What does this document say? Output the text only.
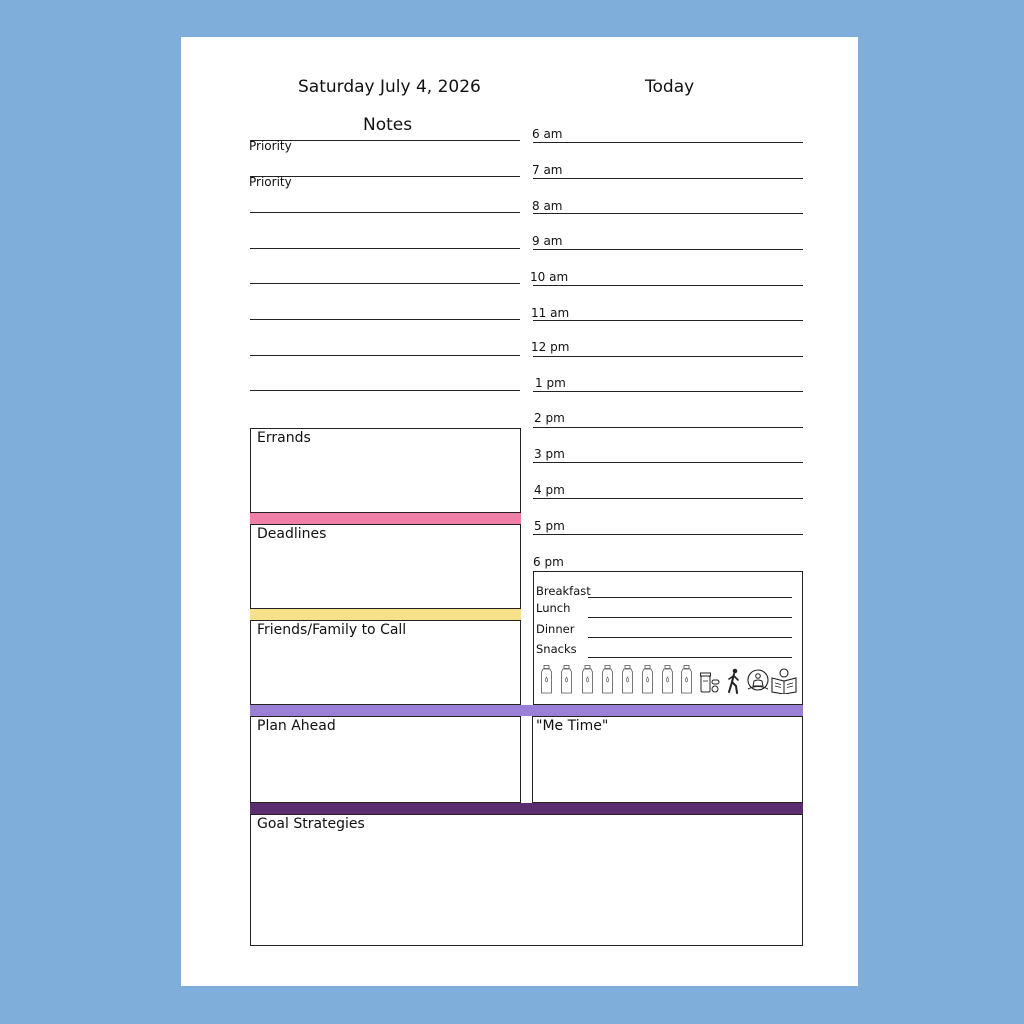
Saturday July 4, 2026	Today
Notes
Priority
Priority
6 am
7 am
8 am
9 am
10 am
11 am
12 pm
1 pm
2 pm
3 pm
4 pm
5 pm
6 pm
Errands
Deadlines
Friends/Family to Call
Breakfast
Lunch
Dinner
Snacks
Plan Ahead	"Me Time"
Goal Strategies
